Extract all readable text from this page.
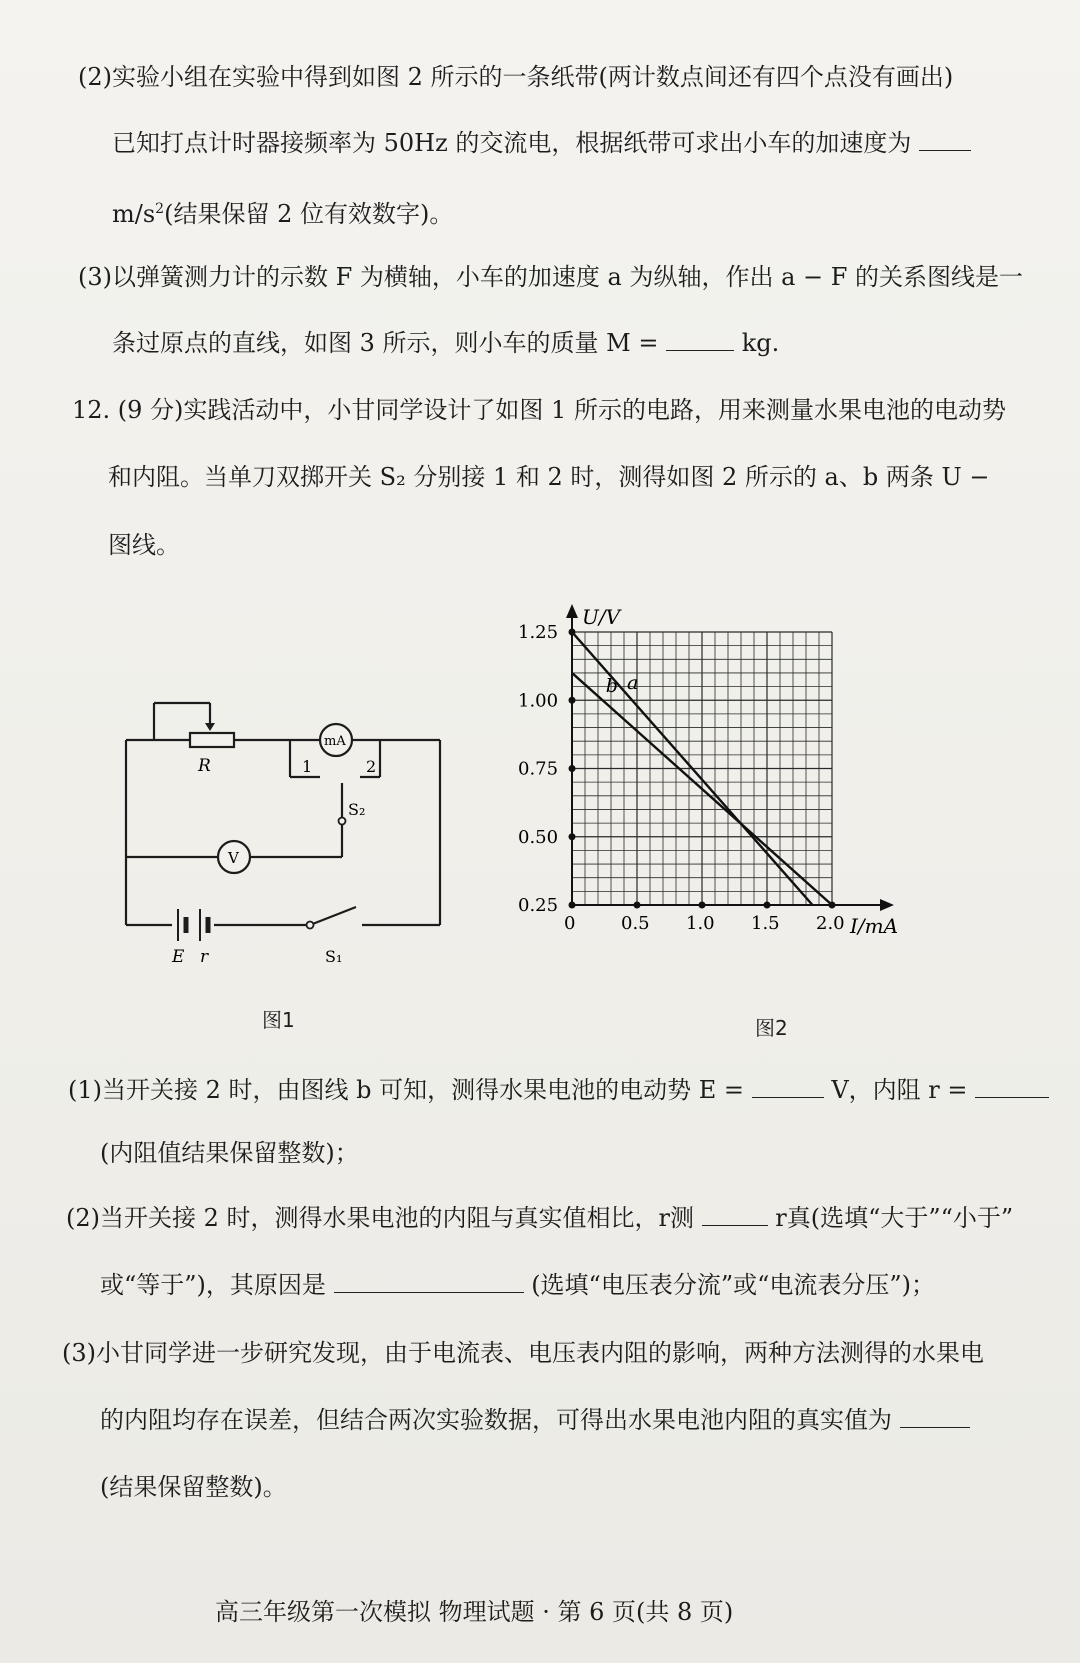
(2)实验小组在实验中得到如图 2 所示的一条纸带(两计数点间还有四个点没有画出)
已知打点计时器接频率为 50Hz 的交流电，根据纸带可求出小车的加速度为
$m/s^2$(结果保留 2 位有效数字)。
(3)以弹簧测力计的示数 F 为横轴，小车的加速度 a 为纵轴，作出 a − F 的关系图线是一
条过原点的直线，如图 3 所示，则小车的质量 M =	kg.
12. (9 分)实践活动中，小甘同学设计了如图 1 所示的电路，用来测量水果电池的电动势
和内阻。当单刀双掷开关 S₂ 分别接 1 和 2 时，测得如图 2 所示的 a、b 两条 U −
图线。
R
mA
V
1	2
S₂
E r	S₁
图1
U/V
I/mA
0	0.5 1.0 1.5 2.0
0.25
0.50
0.75
1.00
1.25
a
b
图2
(1)当开关接 2 时，由图线 b 可知，测得水果电池的电动势 E =	V，内阻 r =
(内阻值结果保留整数)；
(2)当开关接 2 时，测得水果电池的内阻与真实值相比，r测	r真(选填“大于”“小于”
或“等于”)，其原因是	(选填“电压表分流”或“电流表分压”)；
(3)小甘同学进一步研究发现，由于电流表、电压表内阻的影响，两种方法测得的水果电
的内阻均存在误差，但结合两次实验数据，可得出水果电池内阻的真实值为
(结果保留整数)。
高三年级第一次模拟 物理试题 · 第 6 页(共 8 页)
